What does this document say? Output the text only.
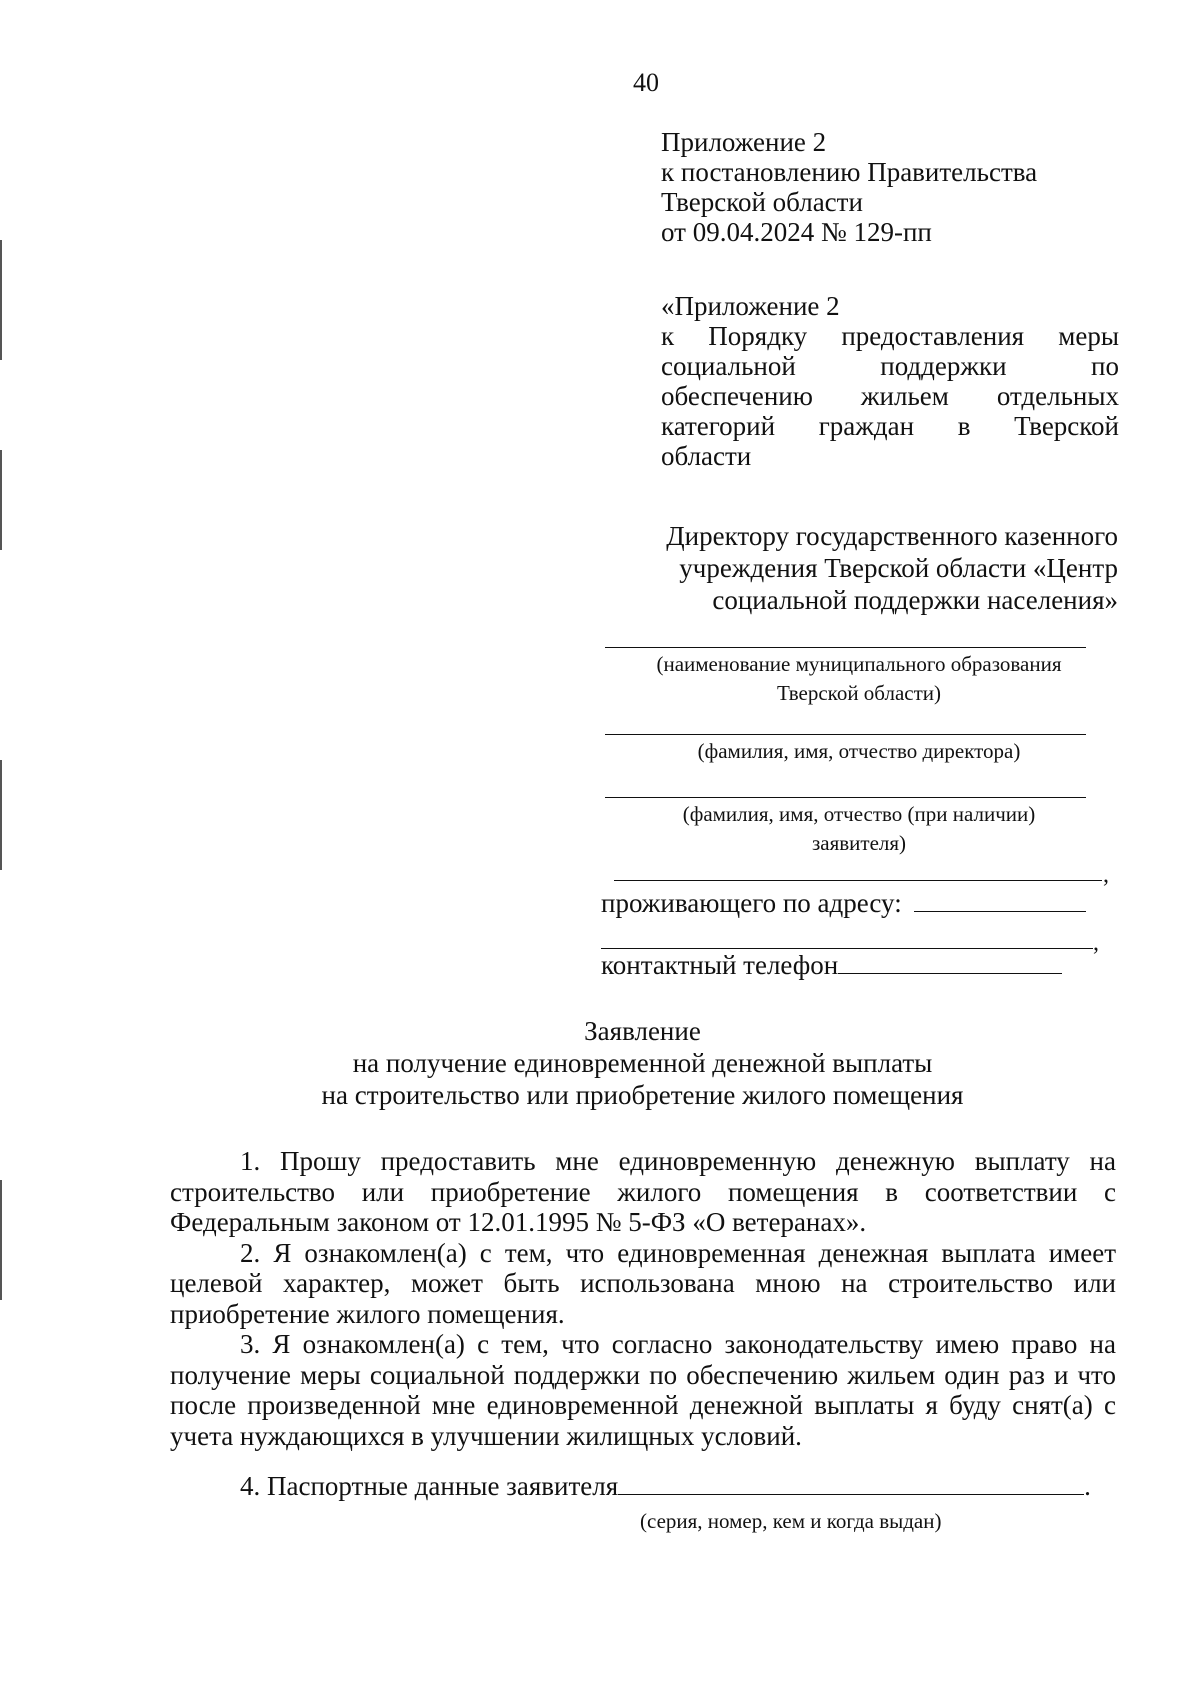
40
Приложение 2
к постановлению Правительства
Тверской области
от 09.04.2024 № 129-пп
«Приложение 2
к Порядку предоставления меры
социальной поддержки по
обеспечению жильем отдельных
категорий граждан в Тверской
области
Директору государственного казенного
учреждения Тверской области «Центр
социальной поддержки населения»
(наименование муниципального образования
Тверской области)
(фамилия, имя, отчество директора)
(фамилия, имя, отчество (при наличии)
заявителя)
,
проживающего по адресу:
,
контактный телефон
Заявление
на получение единовременной денежной выплаты
на строительство или приобретение жилого помещения

1. Прошу предоставить мне единовременную денежную выплату на строительство или приобретение жилого помещения в соответствии с Федеральным законом от 12.01.1995 № 5-ФЗ «О ветеранах».

2. Я ознакомлен(а) с тем, что единовременная денежная выплата имеет целевой характер, может быть использована мною на строительство или приобретение жилого помещения.

3. Я ознакомлен(а) с тем, что согласно законодательству имею право на получение меры социальной поддержки по обеспечению жильем один раз и что после произведенной мне единовременной денежной выплаты я буду снят(а) с учета нуждающихся в улучшении жилищных условий.

4. Паспортные данные заявителя	.
(серия, номер, кем и когда выдан)
